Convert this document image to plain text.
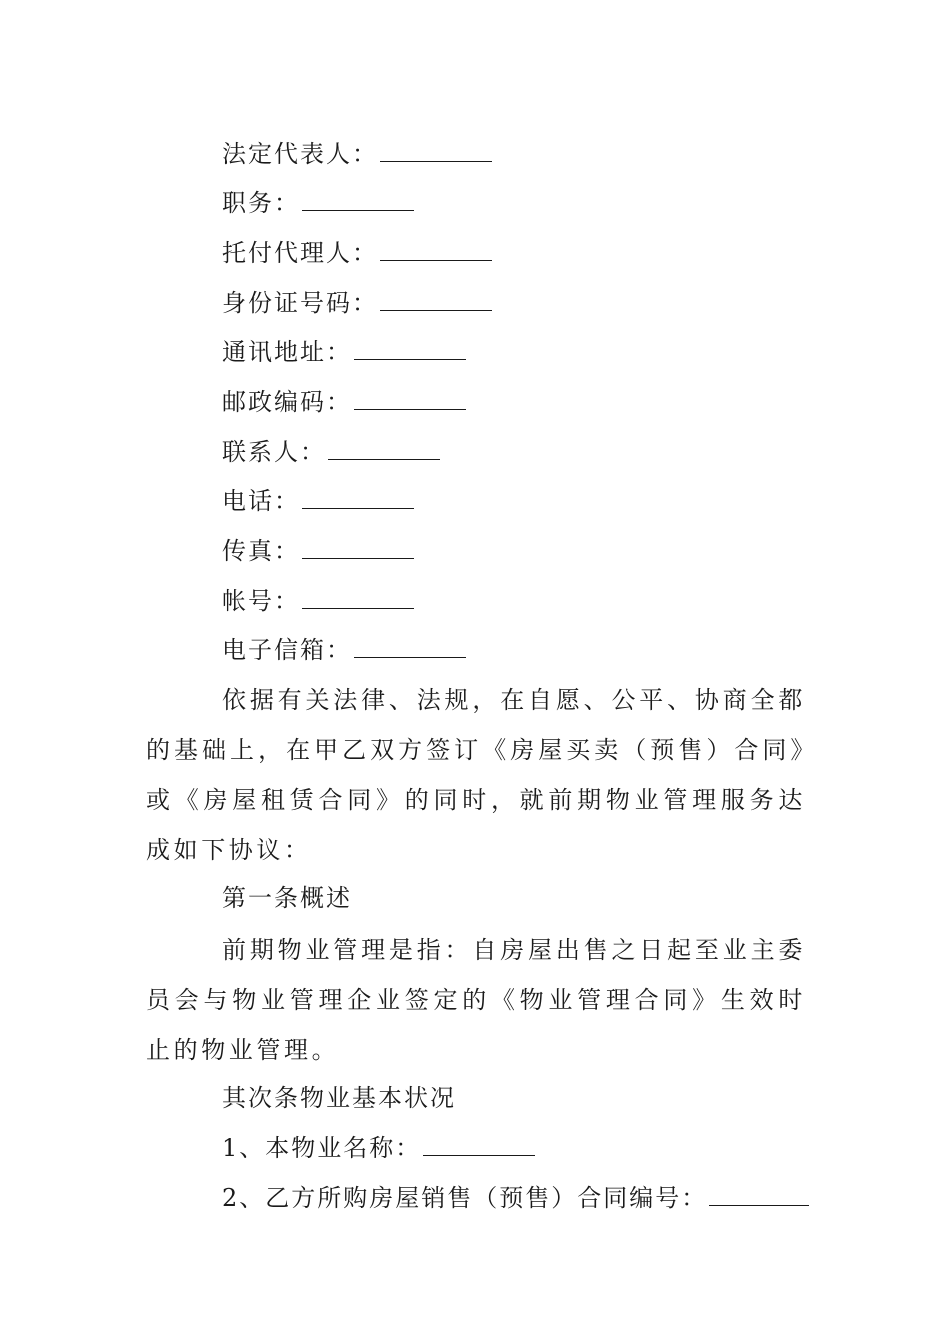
法定代表人：
职务：
托付代理人：
身份证号码：
通讯地址：
邮政编码：
联系人：
电话：
传真：
帐号：
电子信箱：
依据有关法律、法规，在自愿、公平、协商全都的基础上，在甲乙双方签订《房屋买卖（预售）合同》或《房屋租赁合同》的同时，就前期物业管理服务达成如下协议：
第一条概述
前期物业管理是指：自房屋出售之日起至业主委员会与物业管理企业签定的《物业管理合同》生效时止的物业管理。
其次条物业基本状况
1、本物业名称：
2、乙方所购房屋销售（预售）合同编号：
